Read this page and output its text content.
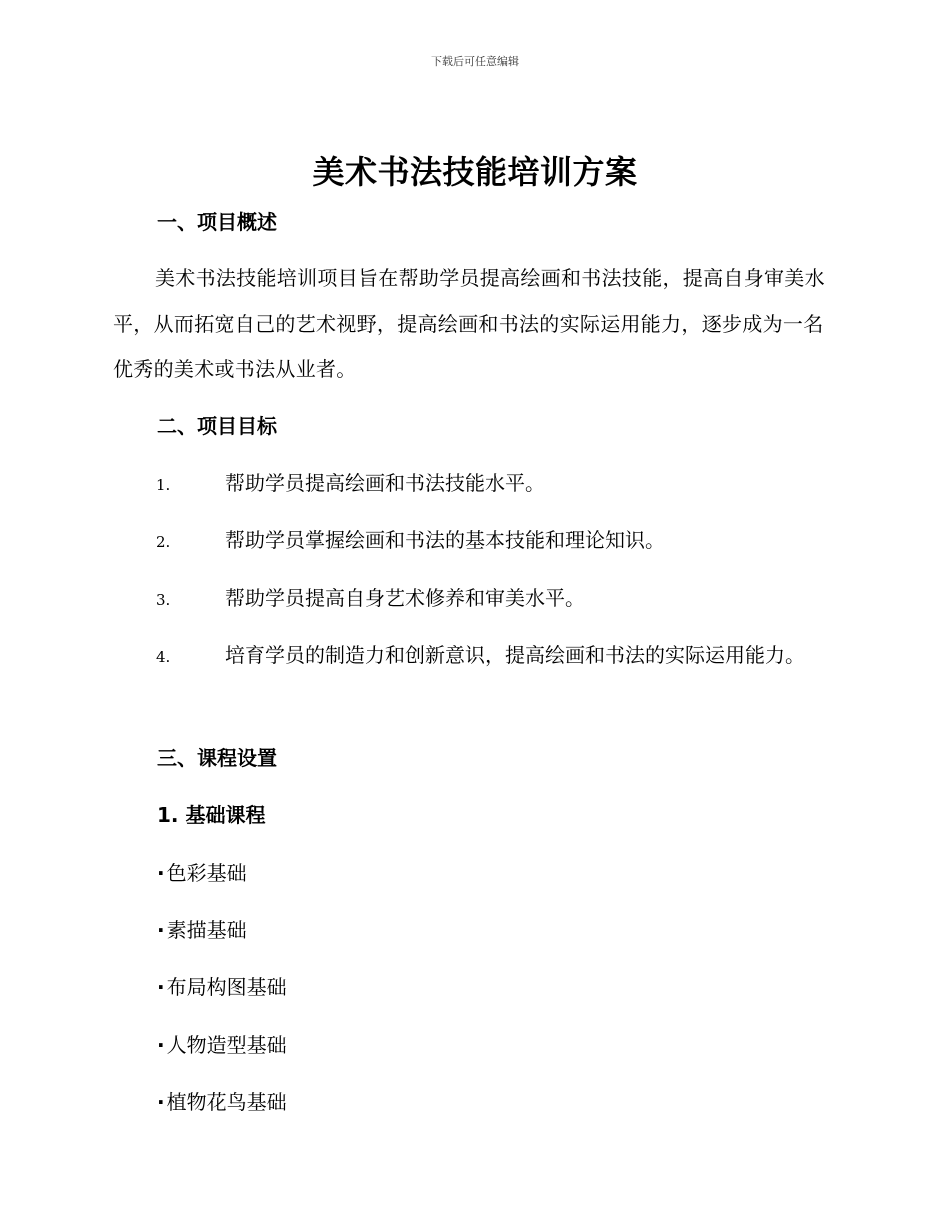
下载后可任意编辑
美术书法技能培训方案
一、项目概述
美术书法技能培训项目旨在帮助学员提高绘画和书法技能，提高自身审美水平，从而拓宽自己的艺术视野，提高绘画和书法的实际运用能力，逐步成为一名优秀的美术或书法从业者。
二、项目目标
1.	帮助学员提高绘画和书法技能水平。
2.	帮助学员掌握绘画和书法的基本技能和理论知识。
3.	帮助学员提高自身艺术修养和审美水平。
4.	培育学员的制造力和创新意识，提高绘画和书法的实际运用能力。
三、课程设置
1. 基础课程
· 色彩基础
· 素描基础
· 布局构图基础
· 人物造型基础
· 植物花鸟基础
